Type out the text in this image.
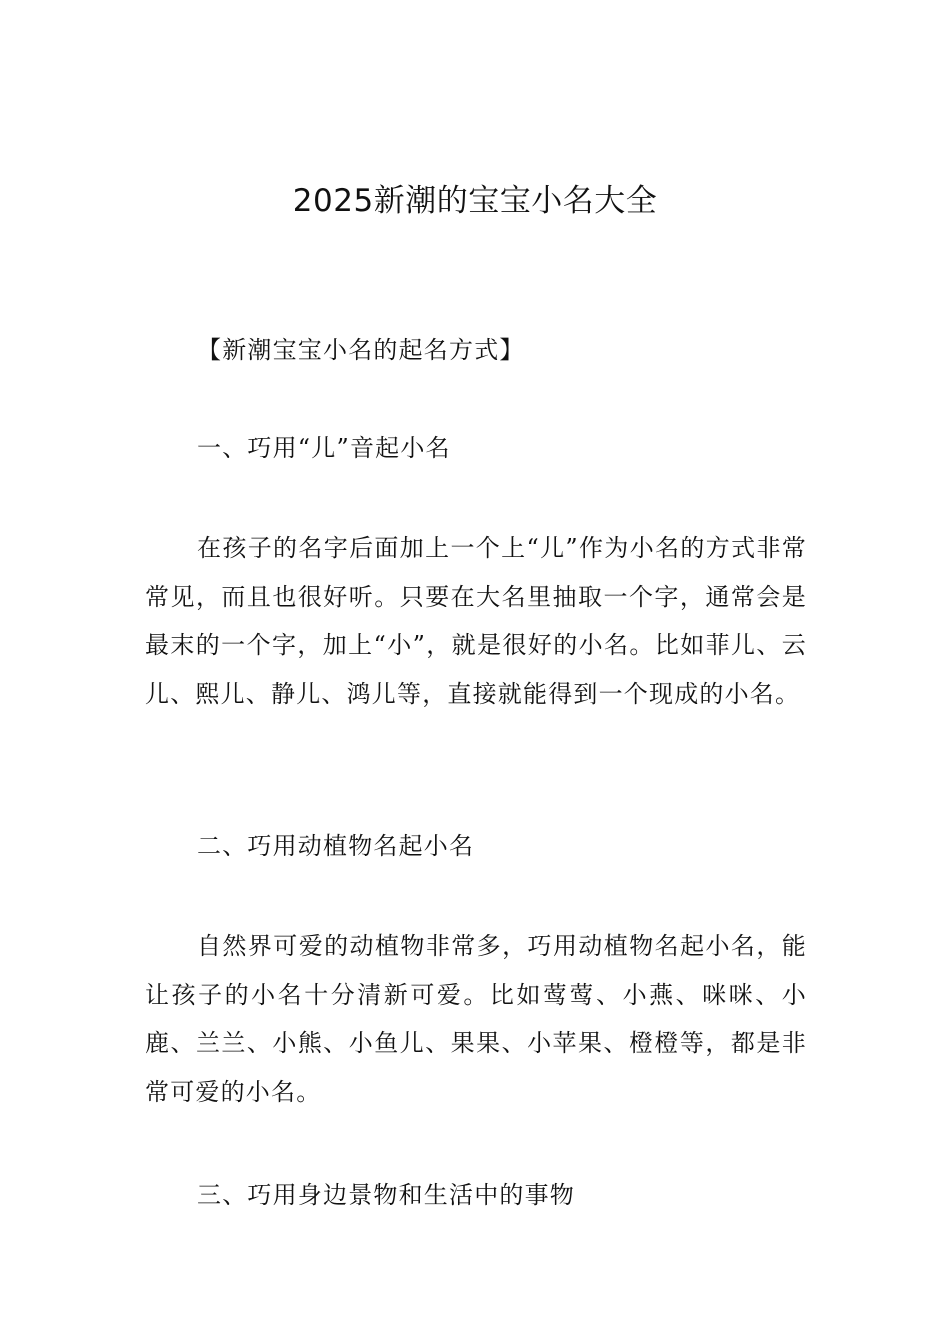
2025新潮的宝宝小名大全
【新潮宝宝小名的起名方式】
一、巧用“儿”音起小名

在孩子的名字后面加上一个上“儿”作为小名的方式非常常见，而且也很好听。只要在大名里抽取一个字，通常会是最末的一个字，加上“小”，就是很好的小名。比如菲儿、云儿、熙儿、静儿、鸿儿等，直接就能得到一个现成的小名。

二、巧用动植物名起小名

自然界可爱的动植物非常多，巧用动植物名起小名，能让孩子的小名十分清新可爱。比如莺莺、小燕、咪咪、小鹿、兰兰、小熊、小鱼儿、果果、小苹果、橙橙等，都是非常可爱的小名。

三、巧用身边景物和生活中的事物
